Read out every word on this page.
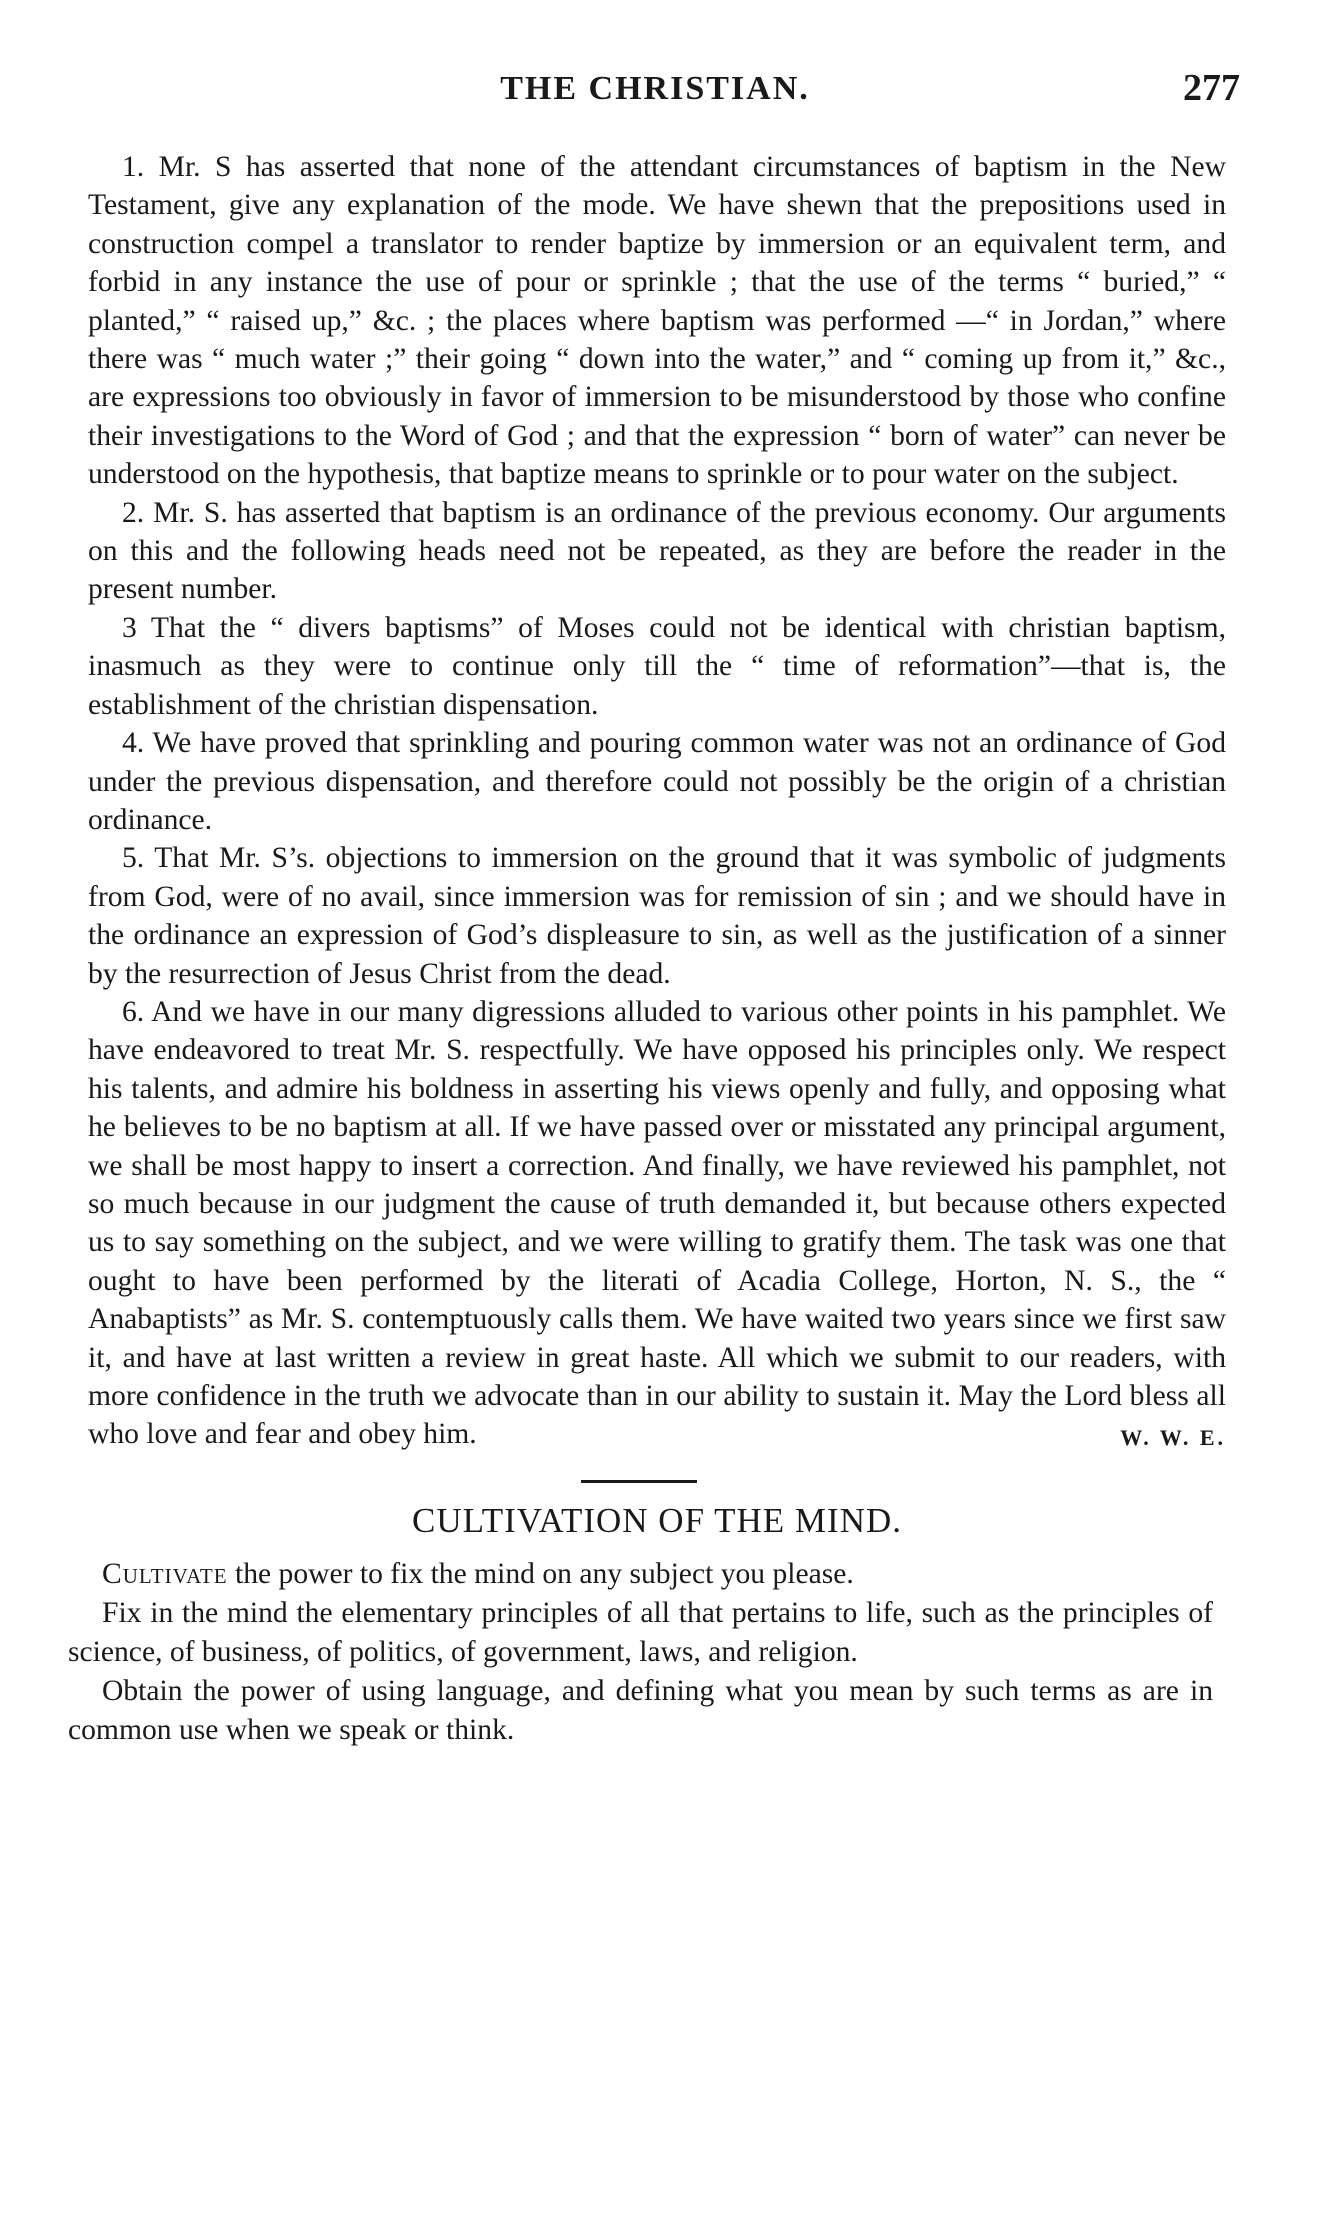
THE CHRISTIAN.	277

1. Mr. S has asserted that none of the attendant circumstances of baptism in the New Testament, give any explanation of the mode. We have shewn that the prepositions used in construction compel a translator to render baptize by immersion or an equivalent term, and forbid in any instance the use of pour or sprinkle ; that the use of the terms “ buried,” “ planted,” “ raised up,” &c. ; the places where baptism was performed —“ in Jordan,” where there was “ much water ;” their going “ down into the water,” and “ coming up from it,” &c., are expressions too obviously in favor of immersion to be misunderstood by those who confine their investigations to the Word of God ; and that the expression “ born of water” can never be understood on the hypothesis, that baptize means to sprinkle or to pour water on the subject.

2. Mr. S. has asserted that baptism is an ordinance of the previous economy. Our arguments on this and the following heads need not be repeated, as they are before the reader in the present number.

3 That the “ divers baptisms” of Moses could not be identical with christian baptism, inasmuch as they were to continue only till the “ time of reformation”—that is, the establishment of the christian dispensation.

4. We have proved that sprinkling and pouring common water was not an ordinance of God under the previous dispensation, and therefore could not possibly be the origin of a christian ordinance.

5. That Mr. S’s. objections to immersion on the ground that it was symbolic of judgments from God, were of no avail, since immersion was for remission of sin ; and we should have in the ordinance an expression of God’s displeasure to sin, as well as the justification of a sinner by the resurrection of Jesus Christ from the dead.

6. And we have in our many digressions alluded to various other points in his pamphlet. We have endeavored to treat Mr. S. respectfully. We have opposed his principles only. We respect his talents, and admire his boldness in asserting his views openly and fully, and opposing what he believes to be no baptism at all. If we have passed over or misstated any principal argument, we shall be most happy to insert a correction. And finally, we have reviewed his pamphlet, not so much because in our judgment the cause of truth demanded it, but because others expected us to say something on the subject, and we were willing to gratify them. The task was one that ought to have been performed by the literati of Acadia College, Horton, N. S., the “ Anabaptists” as Mr. S. contemptuously calls them. We have waited two years since we first saw it, and have at last written a review in great haste. All which we submit to our readers, with more confidence in the truth we advocate than in our ability to sustain it. May the Lord bless all who love and fear and obey him.	W. W. E.

CULTIVATION OF THE MIND.

Cultivate the power to fix the mind on any subject you please.

Fix in the mind the elementary principles of all that pertains to life, such as the principles of science, of business, of politics, of government, laws, and religion.

Obtain the power of using language, and defining what you mean by such terms as are in common use when we speak or think.
